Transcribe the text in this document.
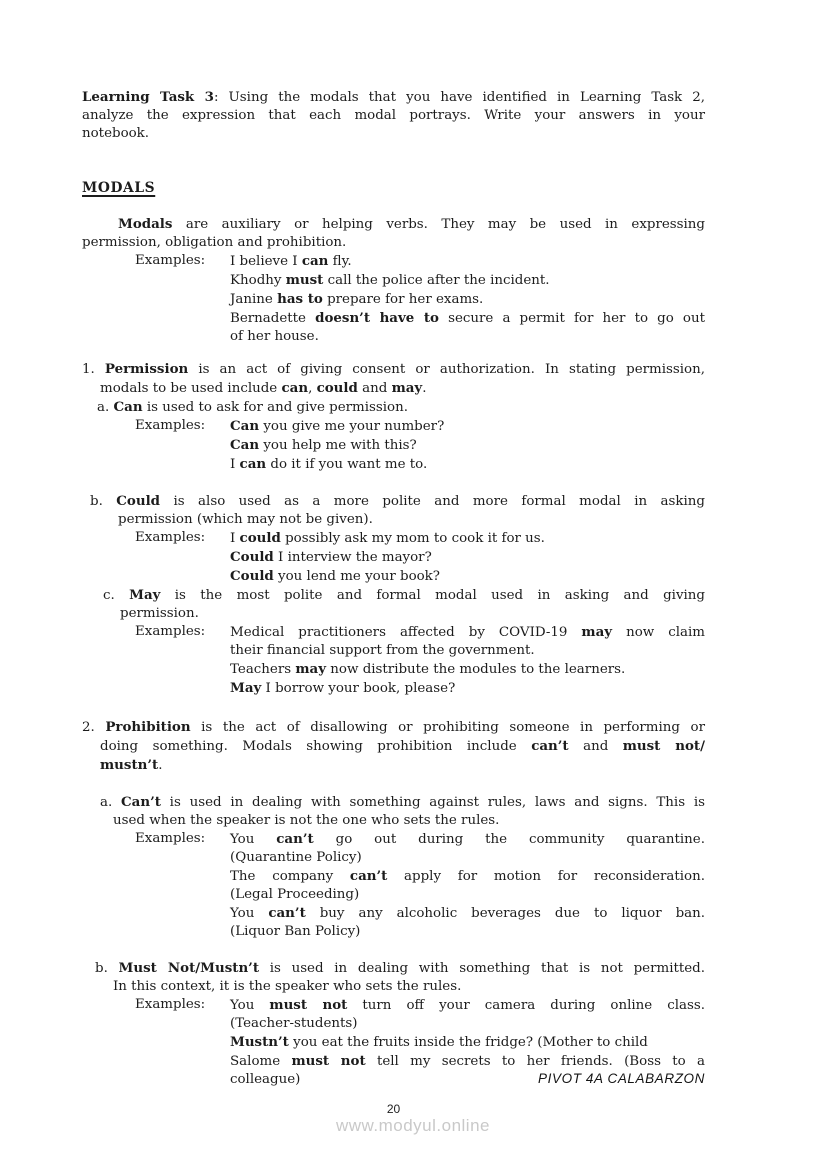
Learning Task 3: Using the modals that you have identified in Learning Task 2,
analyze the expression that each modal portrays. Write your answers in your
notebook.
MODALS
Modals are auxiliary or helping verbs. They may be used in expressing
permission, obligation and prohibition.
Examples: I believe I can fly.
Khodhy must call the police after the incident.
Janine has to prepare for her exams.
Bernadette doesn’t have to secure a permit for her to go out
of her house.
1. Permission is an act of giving consent or authorization. In stating permission,
modals to be used include can, could and may.
a. Can is used to ask for and give permission.
Examples: Can you give me your number?
Can you help me with this?
I can do it if you want me to.
b. Could is also used as a more polite and more formal modal in asking
permission (which may not be given).
Examples: I could possibly ask my mom to cook it for us.
Could I interview the mayor?
Could you lend me your book?
c. May is the most polite and formal modal used in asking and giving
permission.
Examples: Medical practitioners affected by COVID-19 may now claim
their financial support from the government.
Teachers may now distribute the modules to the learners.
May I borrow your book, please?
2. Prohibition is the act of disallowing or prohibiting someone in performing or
doing something. Modals showing prohibition include can’t and must not/
mustn’t.
a. Can’t is used in dealing with something against rules, laws and signs. This is
used when the speaker is not the one who sets the rules.
Examples: You can’t go out during the community quarantine.
(Quarantine Policy)
The company can’t apply for motion for reconsideration.
(Legal Proceeding)
You can’t buy any alcoholic beverages due to liquor ban.
(Liquor Ban Policy)
b. Must Not/Mustn’t is used in dealing with something that is not permitted.
In this context, it is the speaker who sets the rules.
Examples: You must not turn off your camera during online class.
(Teacher-students)
Mustn’t you eat the fruits inside the fridge? (Mother to child
Salome must not tell my secrets to her friends. (Boss to a
colleague)	PIVOT 4A CALABARZON
20
www.modyul.online
